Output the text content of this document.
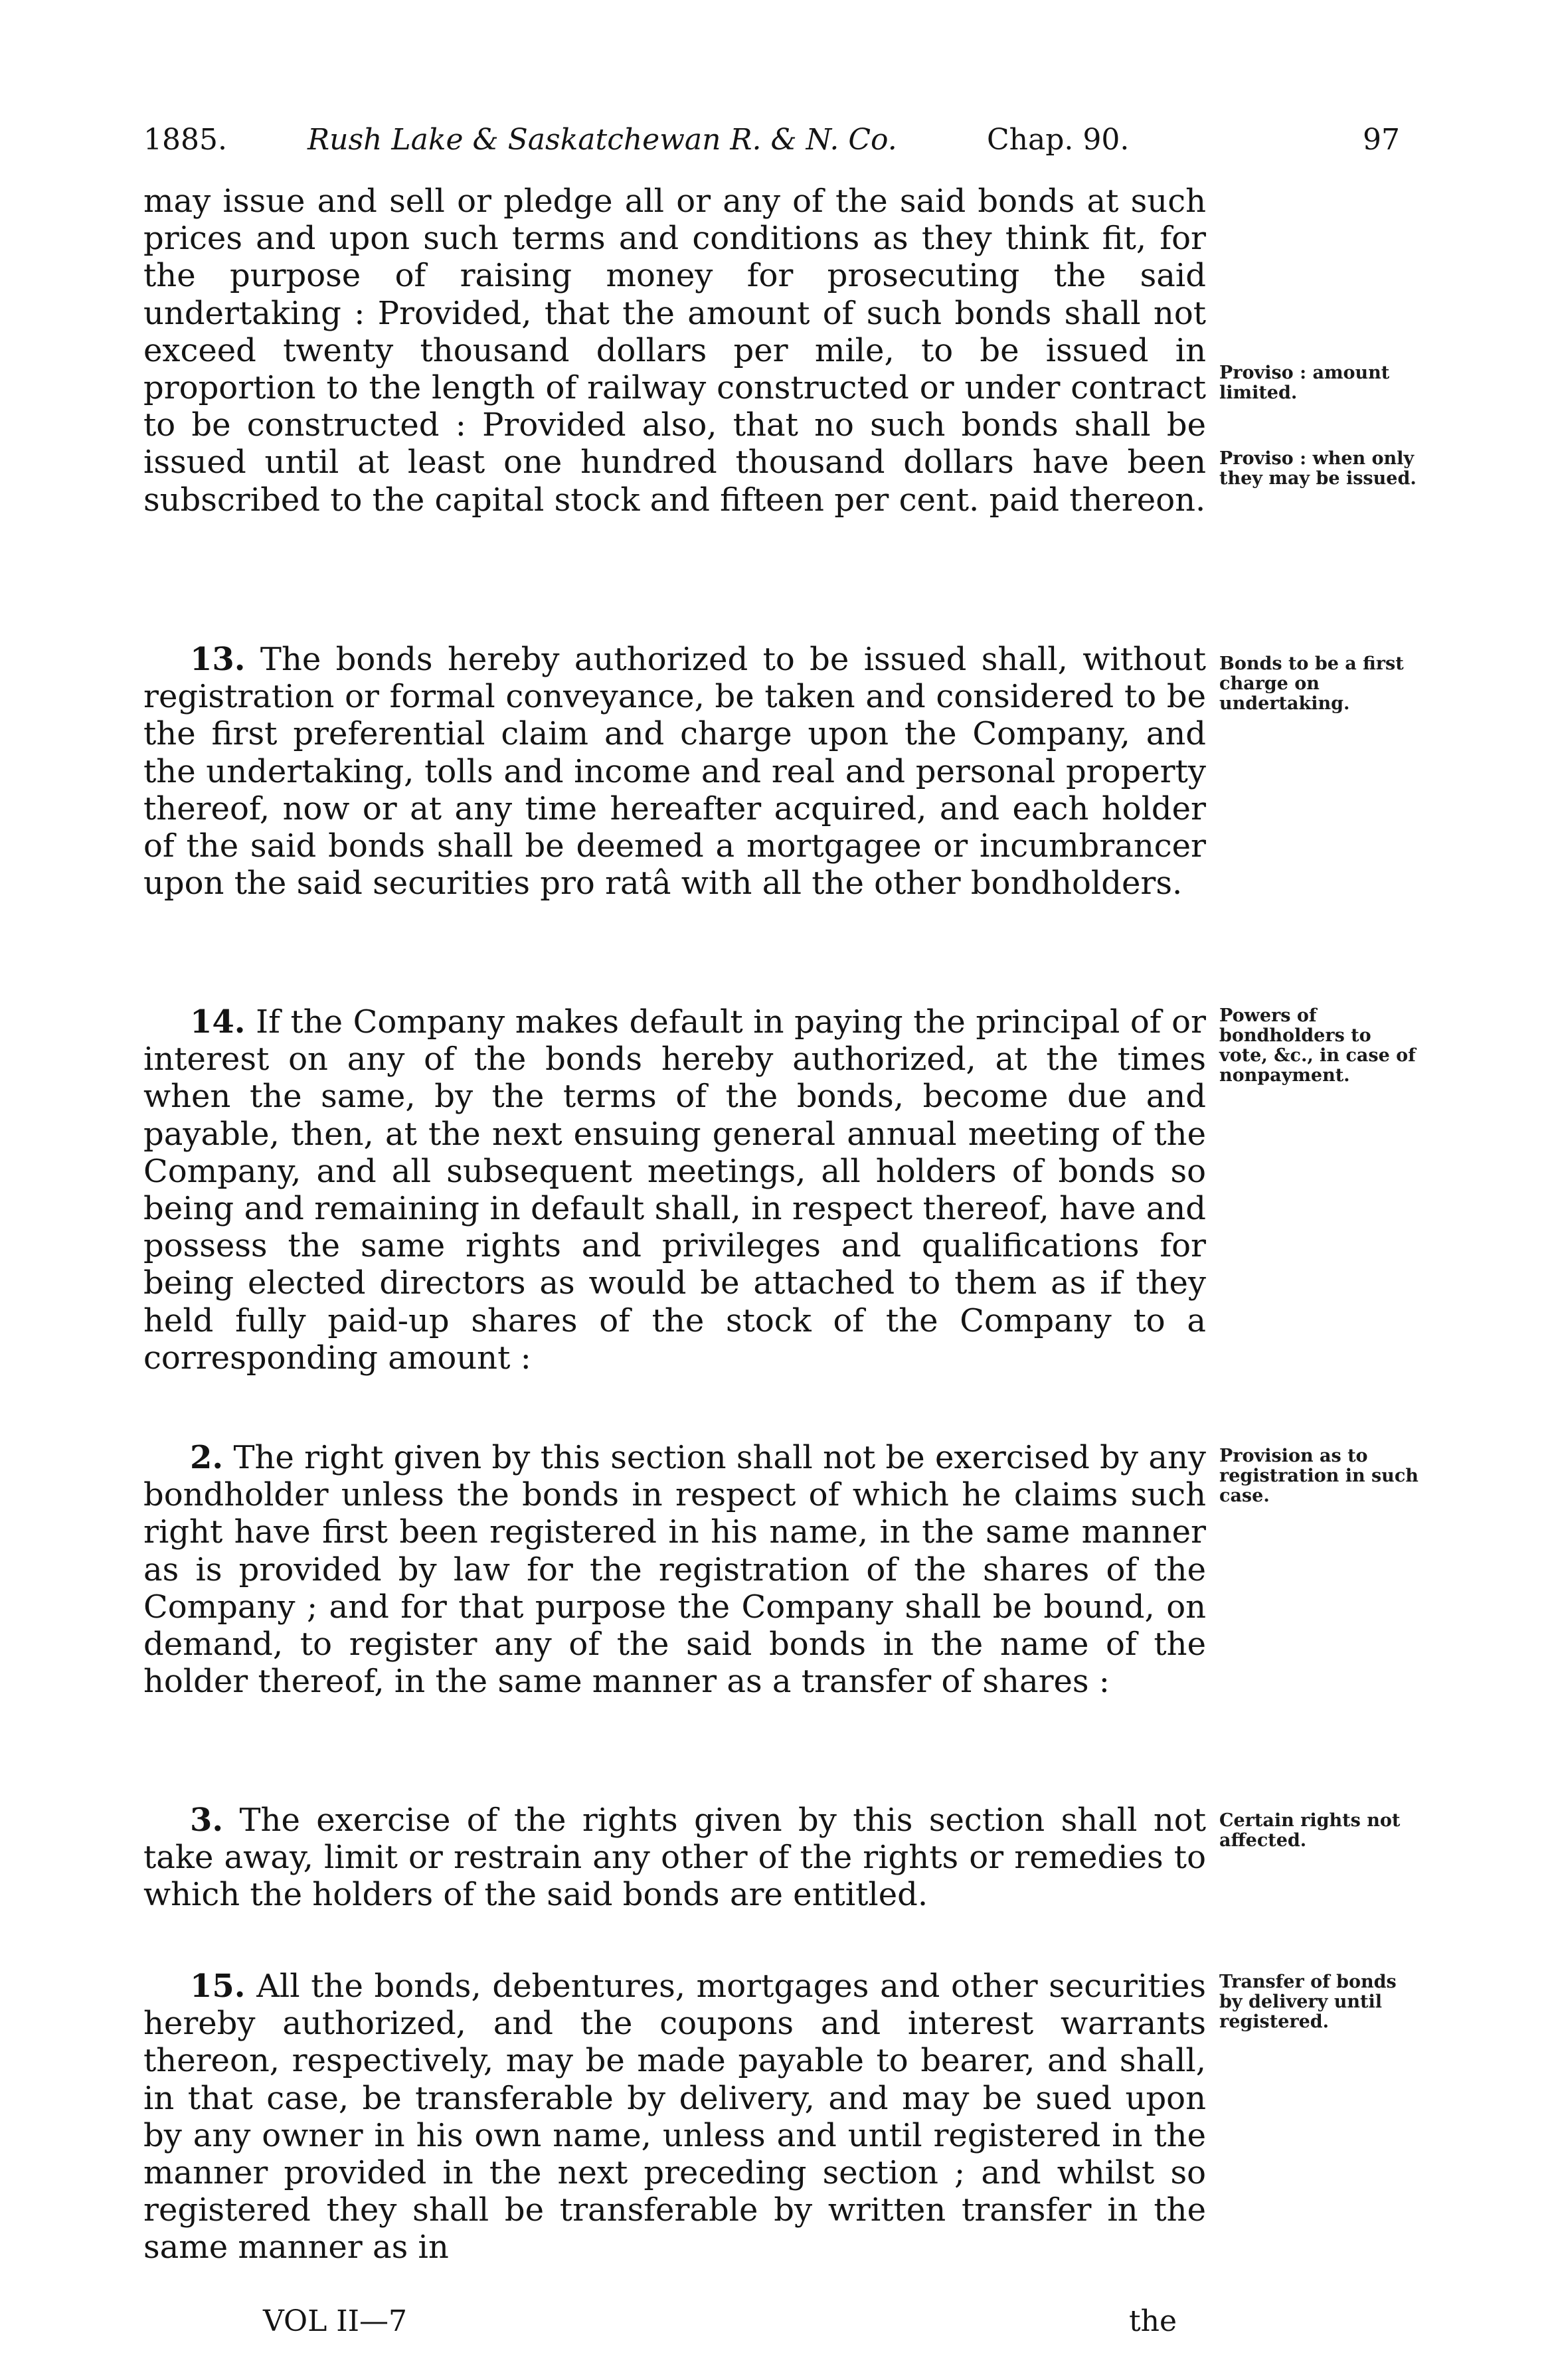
1885.	Rush Lake & Saskatchewan R. & N. Co.	Chap. 90.	97

may issue and sell or pledge all or any of the said bonds at such prices and upon such terms and conditions as they think fit, for the purpose of raising money for prosecuting the said undertaking : Provided, that the amount of such bonds shall not exceed twenty thousand dollars per mile, to be issued in proportion to the length of railway constructed or under contract to be constructed : Provided also, that no such bonds shall be issued until at least one hundred thousand dollars have been subscribed to the capital stock and fifteen per cent. paid thereon.

13. The bonds hereby authorized to be issued shall, without registration or formal conveyance, be taken and considered to be the first preferential claim and charge upon the Company, and the undertaking, tolls and income and real and personal property thereof, now or at any time hereafter acquired, and each holder of the said bonds shall be deemed a mortgagee or incumbrancer upon the said securities pro ratâ with all the other bondholders.

14. If the Company makes default in paying the principal of or interest on any of the bonds hereby authorized, at the times when the same, by the terms of the bonds, become due and payable, then, at the next ensuing general annual meeting of the Company, and all subsequent meetings, all holders of bonds so being and remaining in default shall, in respect thereof, have and possess the same rights and privileges and qualifications for being elected directors as would be attached to them as if they held fully paid-up shares of the stock of the Company to a corresponding amount :

2. The right given by this section shall not be exercised by any bondholder unless the bonds in respect of which he claims such right have first been registered in his name, in the same manner as is provided by law for the registration of the shares of the Company ; and for that purpose the Company shall be bound, on demand, to register any of the said bonds in the name of the holder thereof, in the same manner as a transfer of shares :

3. The exercise of the rights given by this section shall not take away, limit or restrain any other of the rights or remedies to which the holders of the said bonds are entitled.

15. All the bonds, debentures, mortgages and other securities hereby authorized, and the coupons and interest warrants thereon, respectively, may be made payable to bearer, and shall, in that case, be transferable by delivery, and may be sued upon by any owner in his own name, unless and until registered in the manner provided in the next preceding section ; and whilst so registered they shall be transferable by written transfer in the same manner as in

Proviso : amount limited.
Proviso : when only they may be issued.
Bonds to be a first charge on undertaking.
Powers of bondholders to vote, &c., in case of nonpayment.
Provision as to registration in such case.
Certain rights not affected.
Transfer of bonds by delivery until registered.
VOL II—7	the
